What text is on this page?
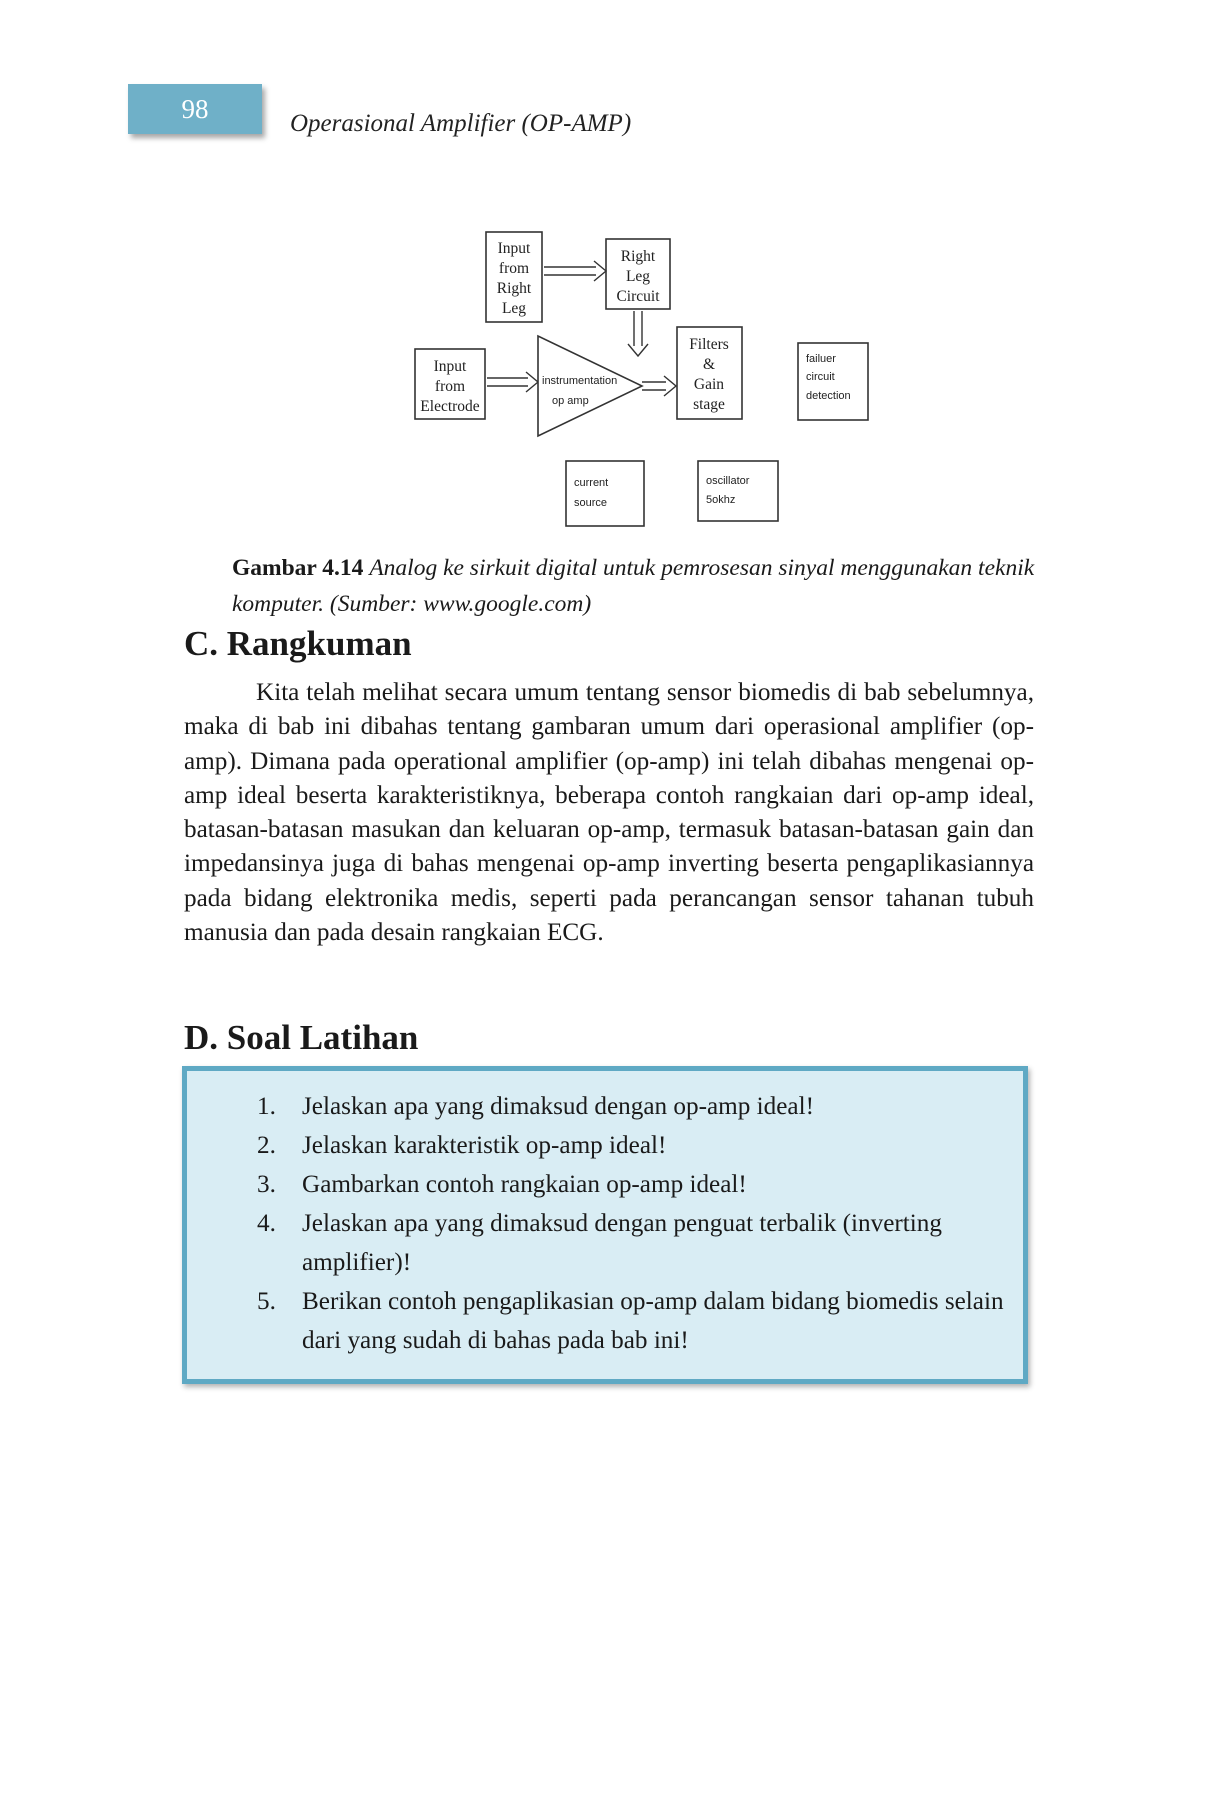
98	Operasional Amplifier (OP-AMP)
Input
from
Right
Leg
Right
Leg
Circuit
Input
from
Electrode
instrumentation
op amp
Filters
&
Gain
stage
failuer
circuit
detection
current
source
oscillator
5okhz
Gambar 4.14 Analog ke sirkuit digital untuk pemrosesan sinyal menggunakan teknik komputer. (Sumber: www.google.com)
C. Rangkuman

Kita telah melihat secara umum tentang sensor biomedis di bab sebelumnya, maka di bab ini dibahas tentang gambaran umum dari operasional amplifier (op-amp). Dimana pada operational amplifier (op-amp) ini telah dibahas mengenai op-amp ideal beserta karakteristiknya, beberapa contoh rangkaian dari op-amp ideal, batasan-batasan masukan dan keluaran op-amp, termasuk batasan-batasan gain dan impedansinya juga di bahas mengenai op-amp inverting beserta pengaplikasiannya pada bidang elektronika medis, seperti pada perancangan sensor tahanan tubuh manusia dan pada desain rangkaian ECG.

D. Soal Latihan
1. Jelaskan apa yang dimaksud dengan op-amp ideal!
2. Jelaskan karakteristik op-amp ideal!
3. Gambarkan contoh rangkaian op-amp ideal!
4. Jelaskan apa yang dimaksud dengan penguat terbalik (inverting amplifier)!
5. Berikan contoh pengaplikasian op-amp dalam bidang biomedis selain dari yang sudah di bahas pada bab ini!
